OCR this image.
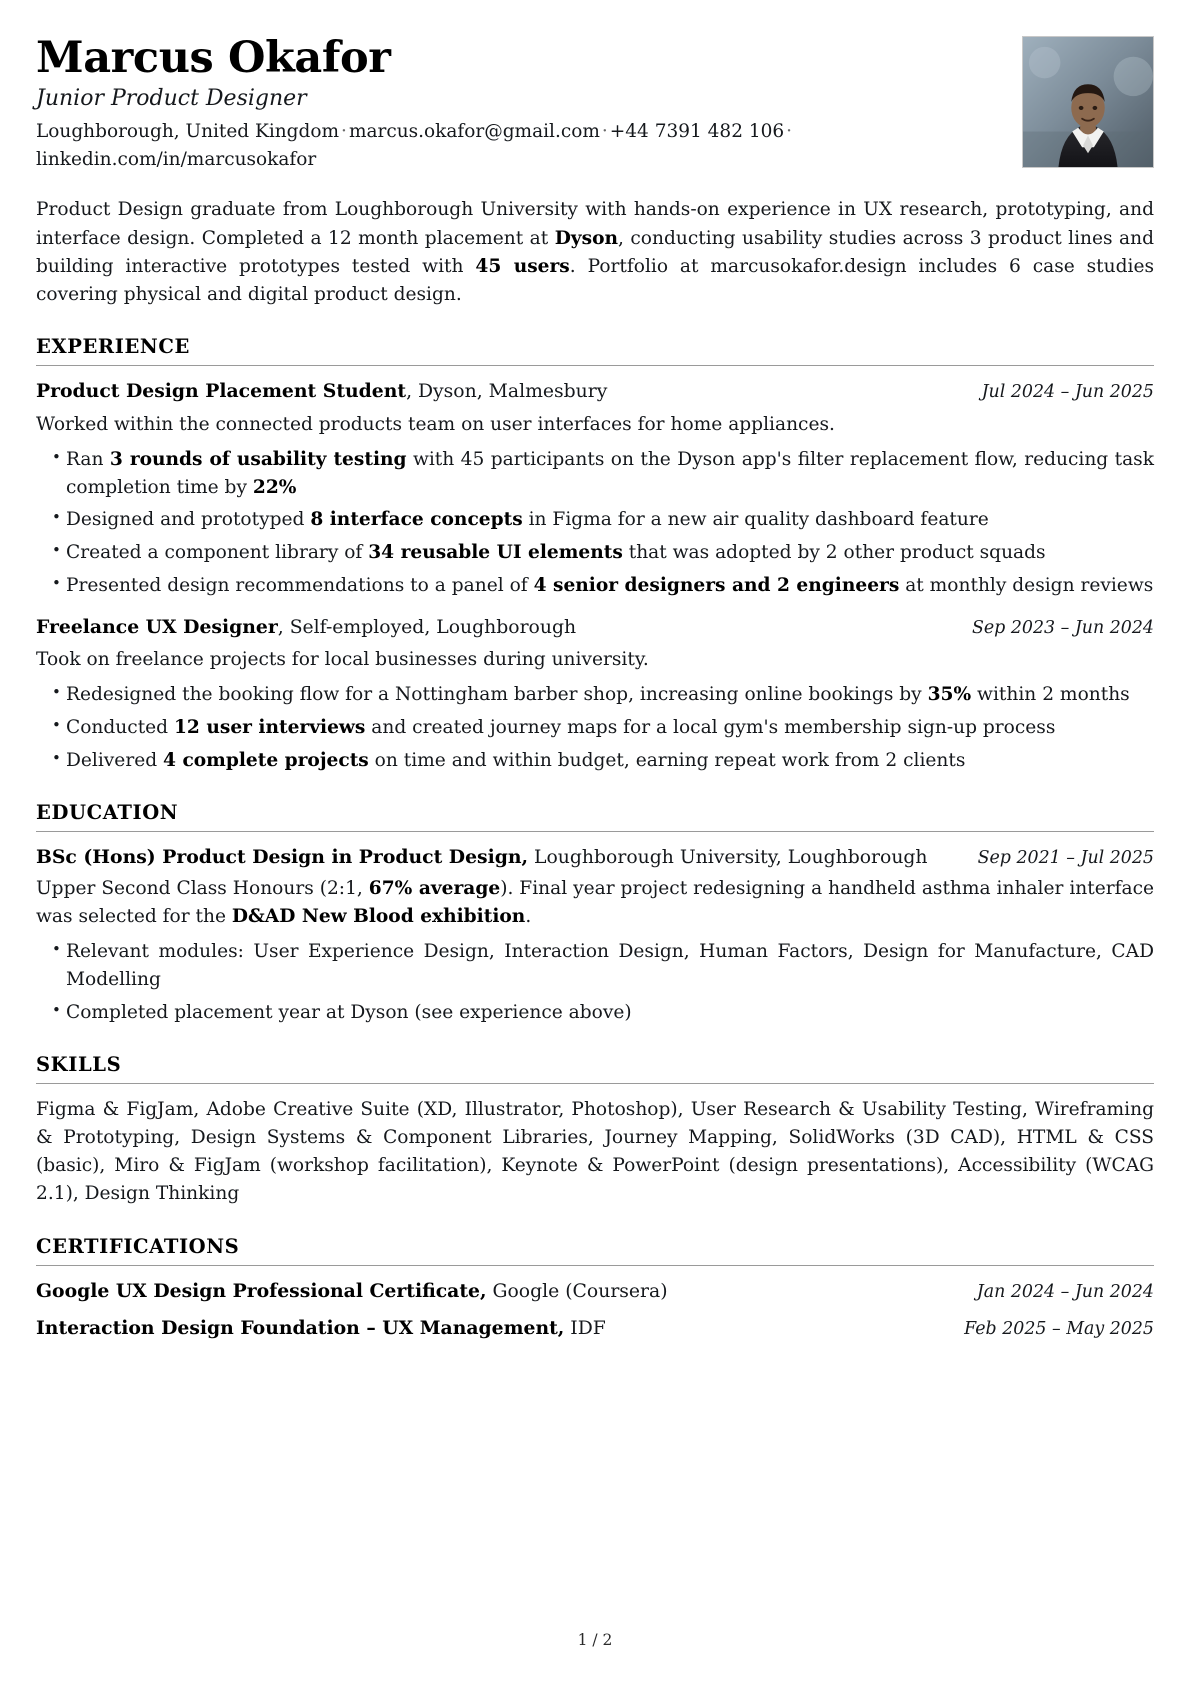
Marcus Okafor
Junior Product Designer
Loughborough, United Kingdom · marcus.okafor@gmail.com · +44 7391 482 106 · linkedin.com/in/marcusokafor

Product Design graduate from Loughborough University with hands-on experience in UX research, prototyping, and interface design. Completed a 12 month placement at Dyson, conducting usability studies across 3 product lines and building interactive prototypes tested with 45 users. Portfolio at marcusokafor.design includes 6 case studies covering physical and digital product design.

EXPERIENCE
Product Design Placement Student, Dyson, Malmesbury	Jul 2024 – Jun 2025
Worked within the connected products team on user interfaces for home appliances.
• Ran 3 rounds of usability testing with 45 participants on the Dyson app's filter replacement flow, reducing task completion time by 22%
• Designed and prototyped 8 interface concepts in Figma for a new air quality dashboard feature
• Created a component library of 34 reusable UI elements that was adopted by 2 other product squads
• Presented design recommendations to a panel of 4 senior designers and 2 engineers at monthly design reviews
Freelance UX Designer, Self-employed, Loughborough	Sep 2023 – Jun 2024
Took on freelance projects for local businesses during university.
• Redesigned the booking flow for a Nottingham barber shop, increasing online bookings by 35% within 2 months
• Conducted 12 user interviews and created journey maps for a local gym's membership sign-up process
• Delivered 4 complete projects on time and within budget, earning repeat work from 2 clients
EDUCATION
BSc (Hons) Product Design in Product Design, Loughborough University, Loughborough	Sep 2021 – Jul 2025
Upper Second Class Honours (2:1, 67% average). Final year project redesigning a handheld asthma inhaler interface was selected for the D&AD New Blood exhibition.
• Relevant modules: User Experience Design, Interaction Design, Human Factors, Design for Manufacture, CAD Modelling
• Completed placement year at Dyson (see experience above)
SKILLS

Figma & FigJam, Adobe Creative Suite (XD, Illustrator, Photoshop), User Research & Usability Testing, Wireframing & Prototyping, Design Systems & Component Libraries, Journey Mapping, SolidWorks (3D CAD), HTML & CSS (basic), Miro & FigJam (workshop facilitation), Keynote & PowerPoint (design presentations), Accessibility (WCAG 2.1), Design Thinking

CERTIFICATIONS
Google UX Design Professional Certificate, Google (Coursera)	Jan 2024 – Jun 2024
Interaction Design Foundation – UX Management, IDF	Feb 2025 – May 2025
1 / 2
